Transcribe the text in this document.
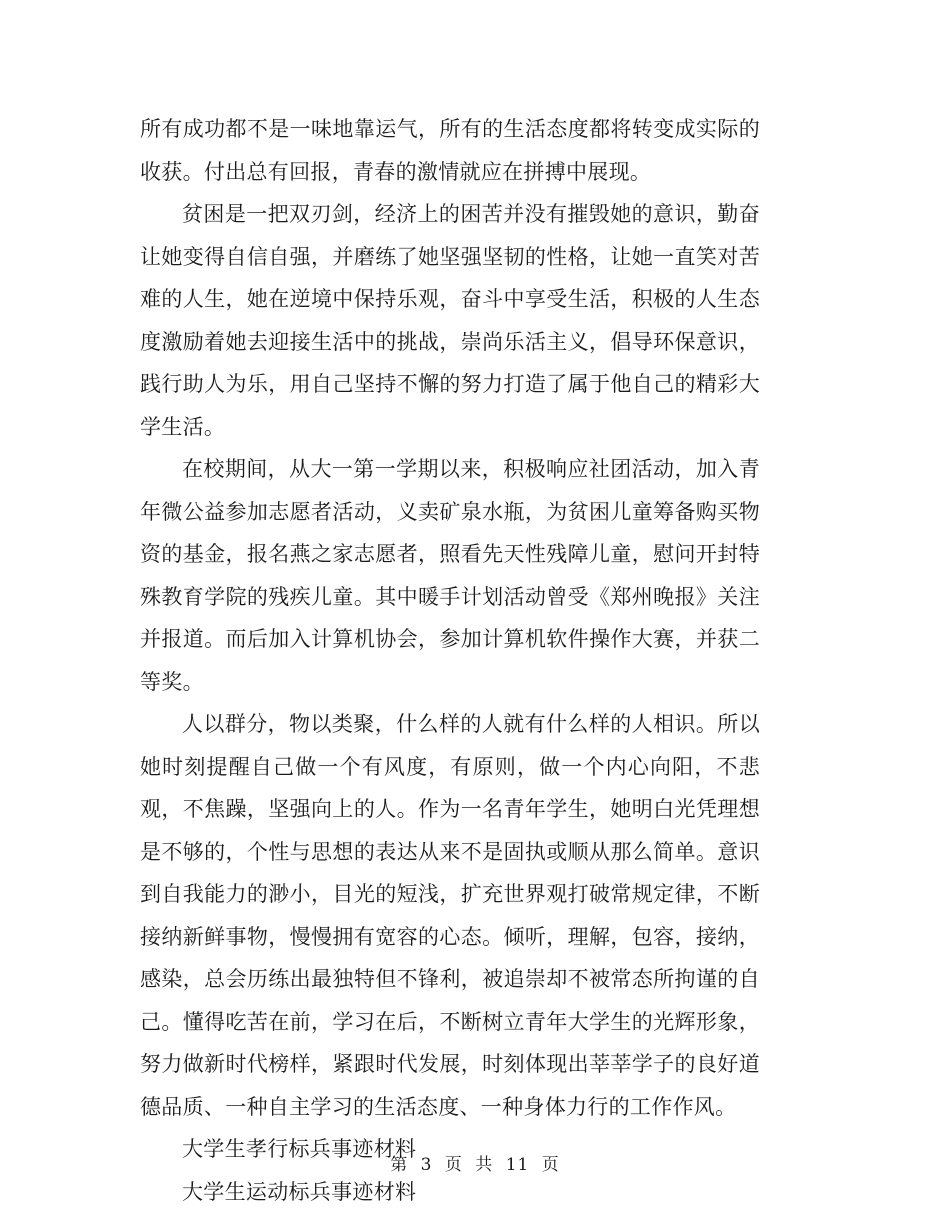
所有成功都不是一味地靠运气，所有的生活态度都将转变成实际的收获。付出总有回报，青春的激情就应在拼搏中展现。

贫困是一把双刃剑，经济上的困苦并没有摧毁她的意识，勤奋让她变得自信自强，并磨练了她坚强坚韧的性格，让她一直笑对苦难的人生，她在逆境中保持乐观，奋斗中享受生活，积极的人生态度激励着她去迎接生活中的挑战，崇尚乐活主义，倡导环保意识，践行助人为乐，用自己坚持不懈的努力打造了属于他自己的精彩大学生活。

在校期间，从大一第一学期以来，积极响应社团活动，加入青年微公益参加志愿者活动，义卖矿泉水瓶，为贫困儿童筹备购买物资的基金，报名燕之家志愿者，照看先天性残障儿童，慰问开封特殊教育学院的残疾儿童。其中暖手计划活动曾受《郑州晚报》关注并报道。而后加入计算机协会，参加计算机软件操作大赛，并获二等奖。

人以群分，物以类聚，什么样的人就有什么样的人相识。所以她时刻提醒自己做一个有风度，有原则，做一个内心向阳，不悲观，不焦躁，坚强向上的人。作为一名青年学生，她明白光凭理想是不够的，个性与思想的表达从来不是固执或顺从那么简单。意识到自我能力的渺小，目光的短浅，扩充世界观打破常规定律，不断接纳新鲜事物，慢慢拥有宽容的心态。倾听，理解，包容，接纳，感染，总会历练出最独特但不锋利，被追崇却不被常态所拘谨的自己。懂得吃苦在前，学习在后，不断树立青年大学生的光辉形象，努力做新时代榜样，紧跟时代发展，时刻体现出莘莘学子的良好道德品质、一种自主学习的生活态度、一种身体力行的工作作风。

大学生孝行标兵事迹材料

大学生运动标兵事迹材料

第 3 页 共 11 页
